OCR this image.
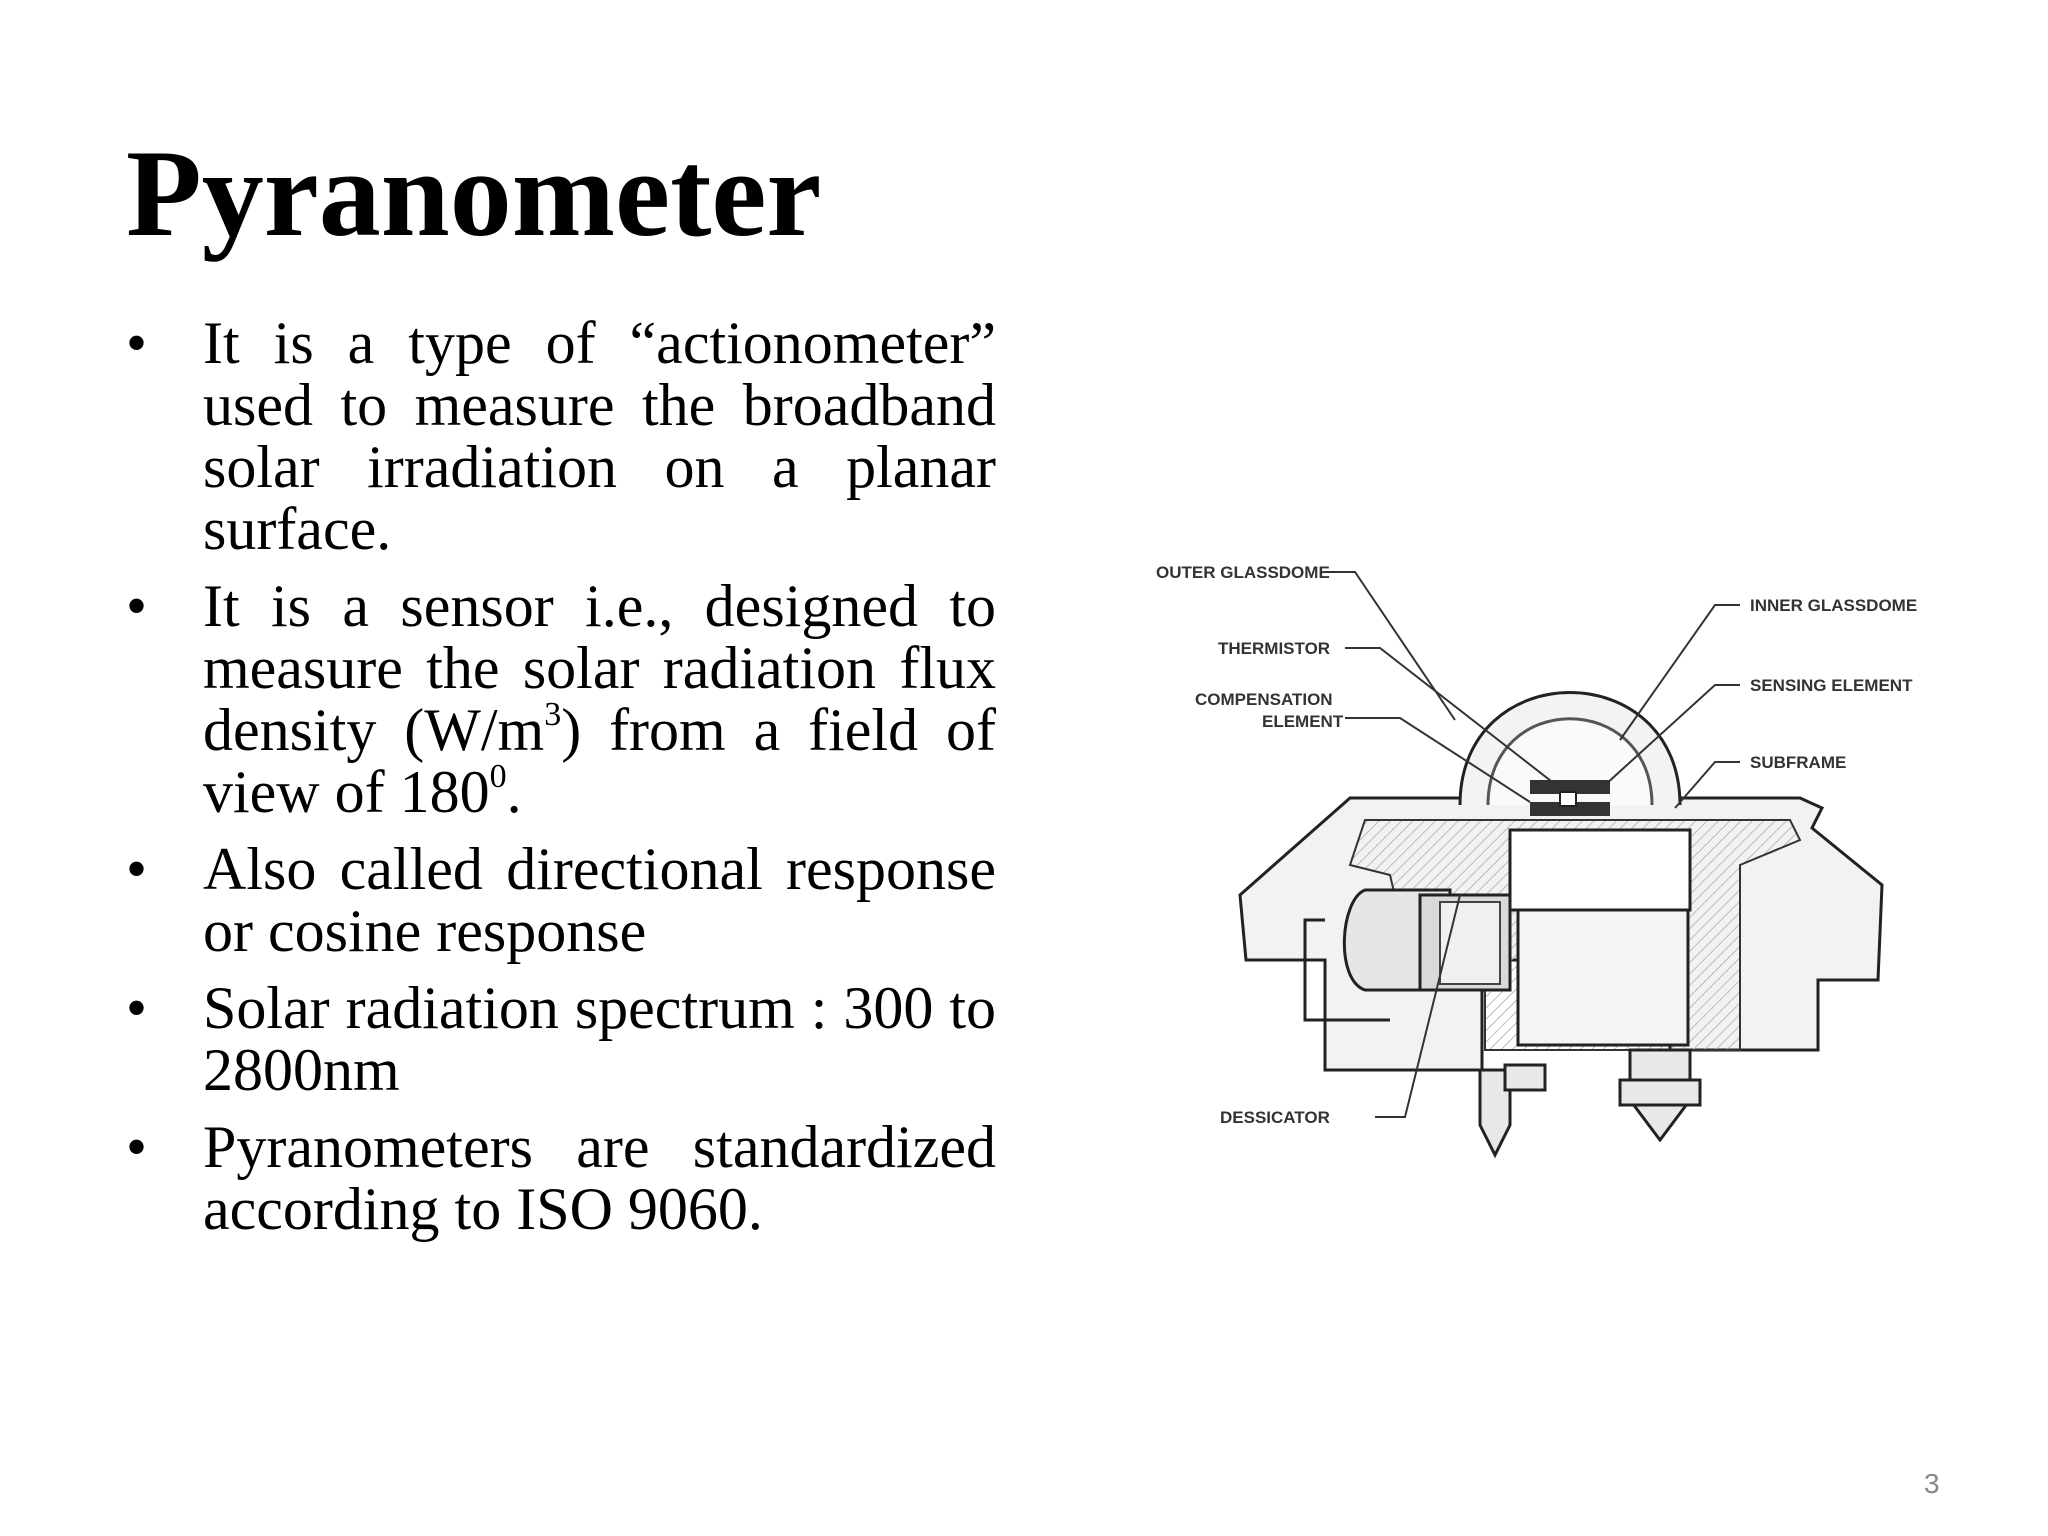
Pyranometer
• It is a type of “actionometer” used to measure the broadband solar irradiation on a planar surface.
• It is a sensor i.e., designed to measure the solar radiation flux density $(W/m^3)$ from a field of view of $180^0$.
• Also called directional response or cosine response
• Solar radiation spectrum : 300 to 2800nm
• Pyranometers are standardized according to ISO 9060.
OUTER GLASSDOME
THERMISTOR
COMPENSATION
ELEMENT
DESSICATOR
INNER GLASSDOME
SENSING ELEMENT
SUBFRAME
3
